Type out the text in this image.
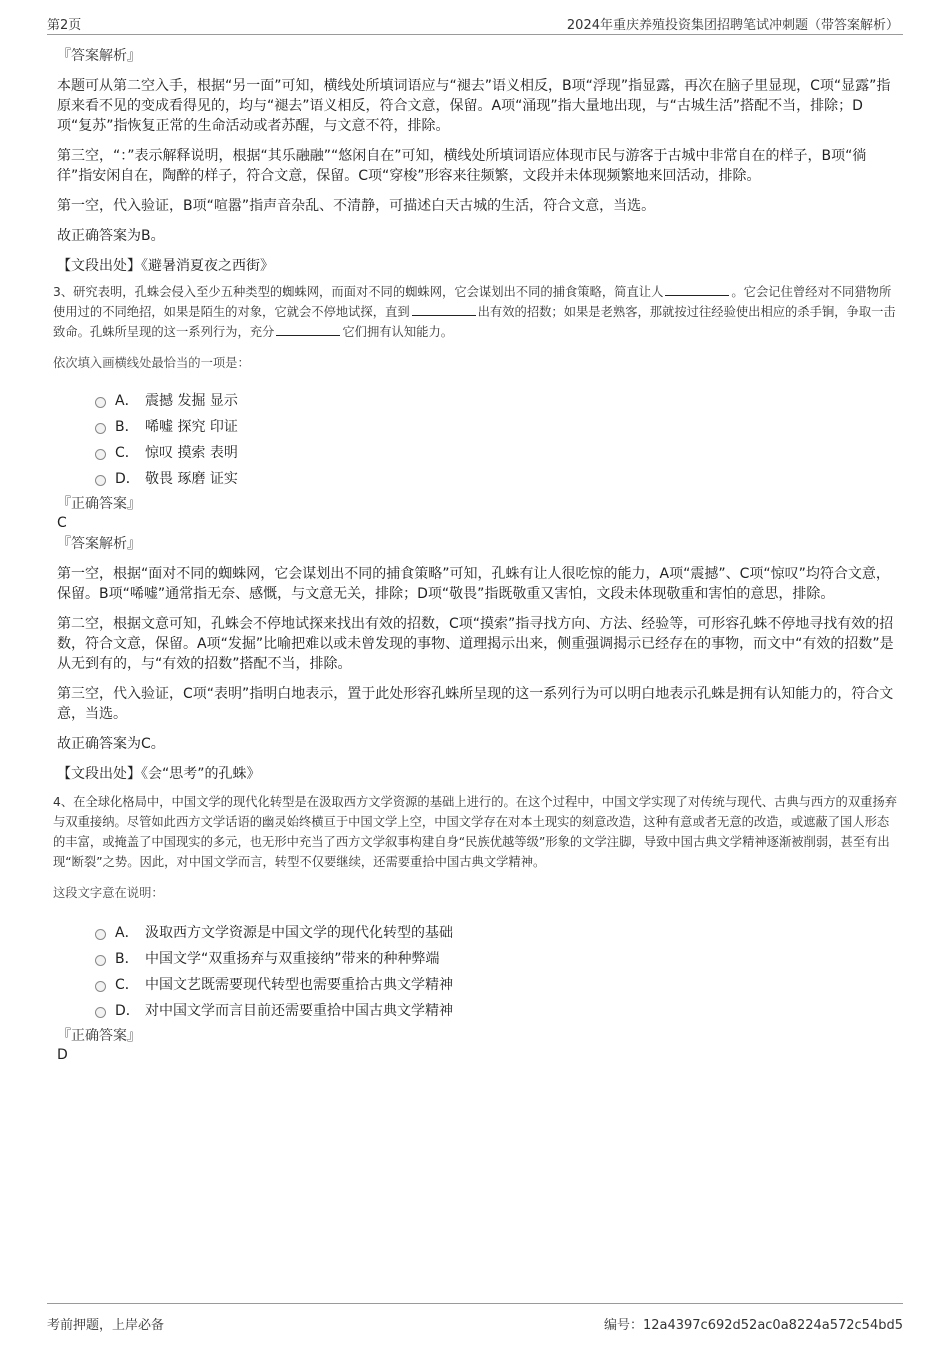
第2页	2024年重庆养殖投资集团招聘笔试冲刺题（带答案解析）
『答案解析』

本题可从第二空入手，根据“另一面”可知，横线处所填词语应与“褪去”语义相反，B项“浮现”指显露，再次在脑子里显现，C项“显露”指原来看不见的变成看得见的，均与“褪去”语义相反，符合文意，保留。A项“涌现”指大量地出现，与“古城生活”搭配不当，排除；D项“复苏”指恢复正常的生命活动或者苏醒，与文意不符，排除。

第三空，“：”表示解释说明，根据“其乐融融”“悠闲自在”可知，横线处所填词语应体现市民与游客于古城中非常自在的样子，B项“徜徉”指安闲自在，陶醉的样子，符合文意，保留。C项“穿梭”形容来往频繁，文段并未体现频繁地来回活动，排除。

第一空，代入验证，B项“喧嚣”指声音杂乱、不清静，可描述白天古城的生活，符合文意，当选。

故正确答案为B。

【文段出处】《避暑消夏夜之西街》

3、研究表明，孔蛛会侵入至少五种类型的蜘蛛网，而面对不同的蜘蛛网，它会谋划出不同的捕食策略，简直让人	。它会记住曾经对不同猎物所使用过的不同绝招，如果是陌生的对象，它就会不停地试探，直到	出有效的招数；如果是老熟客，那就按过往经验使出相应的杀手锏，争取一击致命。孔蛛所呈现的这一系列行为，充分	它们拥有认知能力。

依次填入画横线处最恰当的一项是：
A． 震撼 发掘 显示
B． 唏嘘 探究 印证
C． 惊叹 摸索 表明
D． 敬畏 琢磨 证实
『正确答案』
C
『答案解析』

第一空，根据“面对不同的蜘蛛网，它会谋划出不同的捕食策略”可知，孔蛛有让人很吃惊的能力，A项“震撼”、C项“惊叹”均符合文意，保留。B项“唏嘘”通常指无奈、感慨，与文意无关，排除；D项“敬畏”指既敬重又害怕，文段未体现敬重和害怕的意思，排除。

第二空，根据文意可知，孔蛛会不停地试探来找出有效的招数，C项“摸索”指寻找方向、方法、经验等，可形容孔蛛不停地寻找有效的招数，符合文意，保留。A项“发掘”比喻把难以或未曾发现的事物、道理揭示出来，侧重强调揭示已经存在的事物，而文中“有效的招数”是从无到有的，与“有效的招数”搭配不当，排除。

第三空，代入验证，C项“表明”指明白地表示，置于此处形容孔蛛所呈现的这一系列行为可以明白地表示孔蛛是拥有认知能力的，符合文意，当选。

故正确答案为C。

【文段出处】《会“思考”的孔蛛》

4、在全球化格局中，中国文学的现代化转型是在汲取西方文学资源的基础上进行的。在这个过程中，中国文学实现了对传统与现代、古典与西方的双重扬弃与双重接纳。尽管如此西方文学话语的幽灵始终横亘于中国文学上空，中国文学存在对本土现实的刻意改造，这种有意或者无意的改造，或遮蔽了国人形态的丰富，或掩盖了中国现实的多元，也无形中充当了西方文学叙事构建自身“民族优越等级”形象的文学注脚，导致中国古典文学精神逐渐被削弱，甚至有出现“断裂”之势。因此，对中国文学而言，转型不仅要继续，还需要重拾中国古典文学精神。

这段文字意在说明：
A． 汲取西方文学资源是中国文学的现代化转型的基础
B． 中国文学“双重扬弃与双重接纳”带来的种种弊端
C． 中国文艺既需要现代转型也需要重拾古典文学精神
D． 对中国文学而言目前还需要重拾中国古典文学精神
『正确答案』
D
考前押题，上岸必备	编号：12a4397c692d52ac0a8224a572c54bd5
